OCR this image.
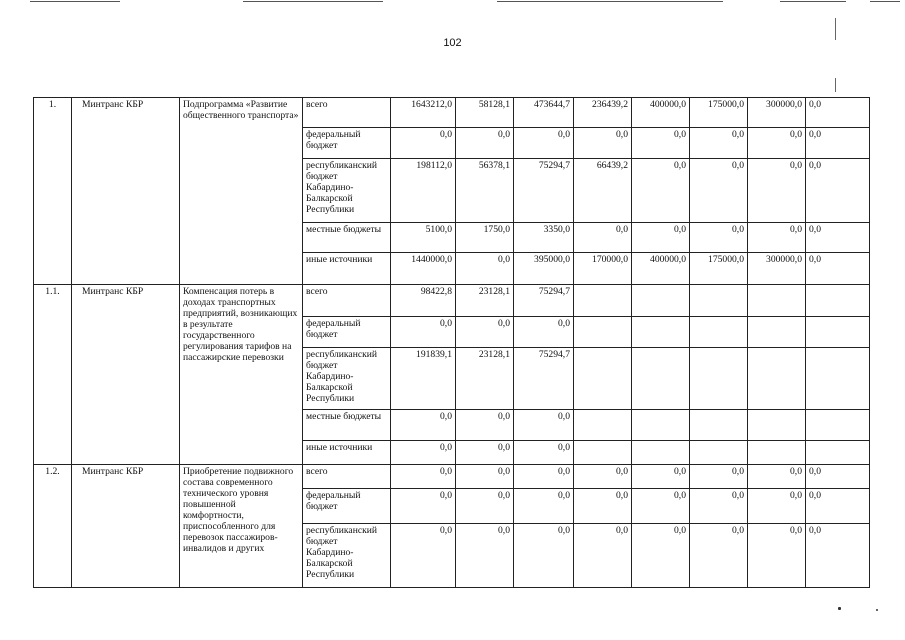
102
1.	Минтранс КБР	Подпрограмма «Развитие общественного транспорта»	всего	1643212,0	58128,1	473644,7	236439,2	400000,0	175000,0	300000,0	0,0
			федеральный бюджет	0,0	0,0	0,0	0,0	0,0	0,0	0,0	0,0
			республиканский бюджет Кабардино-Балкарской Республики	198112,0	56378,1	75294,7	66439,2	0,0	0,0	0,0	0,0
			местные бюджеты	5100,0	1750,0	3350,0	0,0	0,0	0,0	0,0	0,0
			иные источники	1440000,0	0,0	395000,0	170000,0	400000,0	175000,0	300000,0	0,0
1.1.	Минтранс КБР	Компенсация потерь в доходах транспортных предприятий, возникающих в результате государственного регулирования тарифов на пассажирские перевозки	всего	98422,8	23128,1	75294,7					
			федеральный бюджет	0,0	0,0	0,0					
			республиканский бюджет Кабардино-Балкарской Республики	191839,1	23128,1	75294,7					
			местные бюджеты	0,0	0,0	0,0					
			иные источники	0,0	0,0	0,0					
1.2.	Минтранс КБР	Приобретение подвижного состава современного технического уровня повышенной комфортности, приспособленного для перевозок пассажиров-инвалидов и других	всего	0,0	0,0	0,0	0,0	0,0	0,0	0,0	0,0
			федеральный бюджет	0,0	0,0	0,0	0,0	0,0	0,0	0,0	0,0
			республиканский бюджет Кабардино-Балкарской Республики	0,0	0,0	0,0	0,0	0,0	0,0	0,0	0,0
